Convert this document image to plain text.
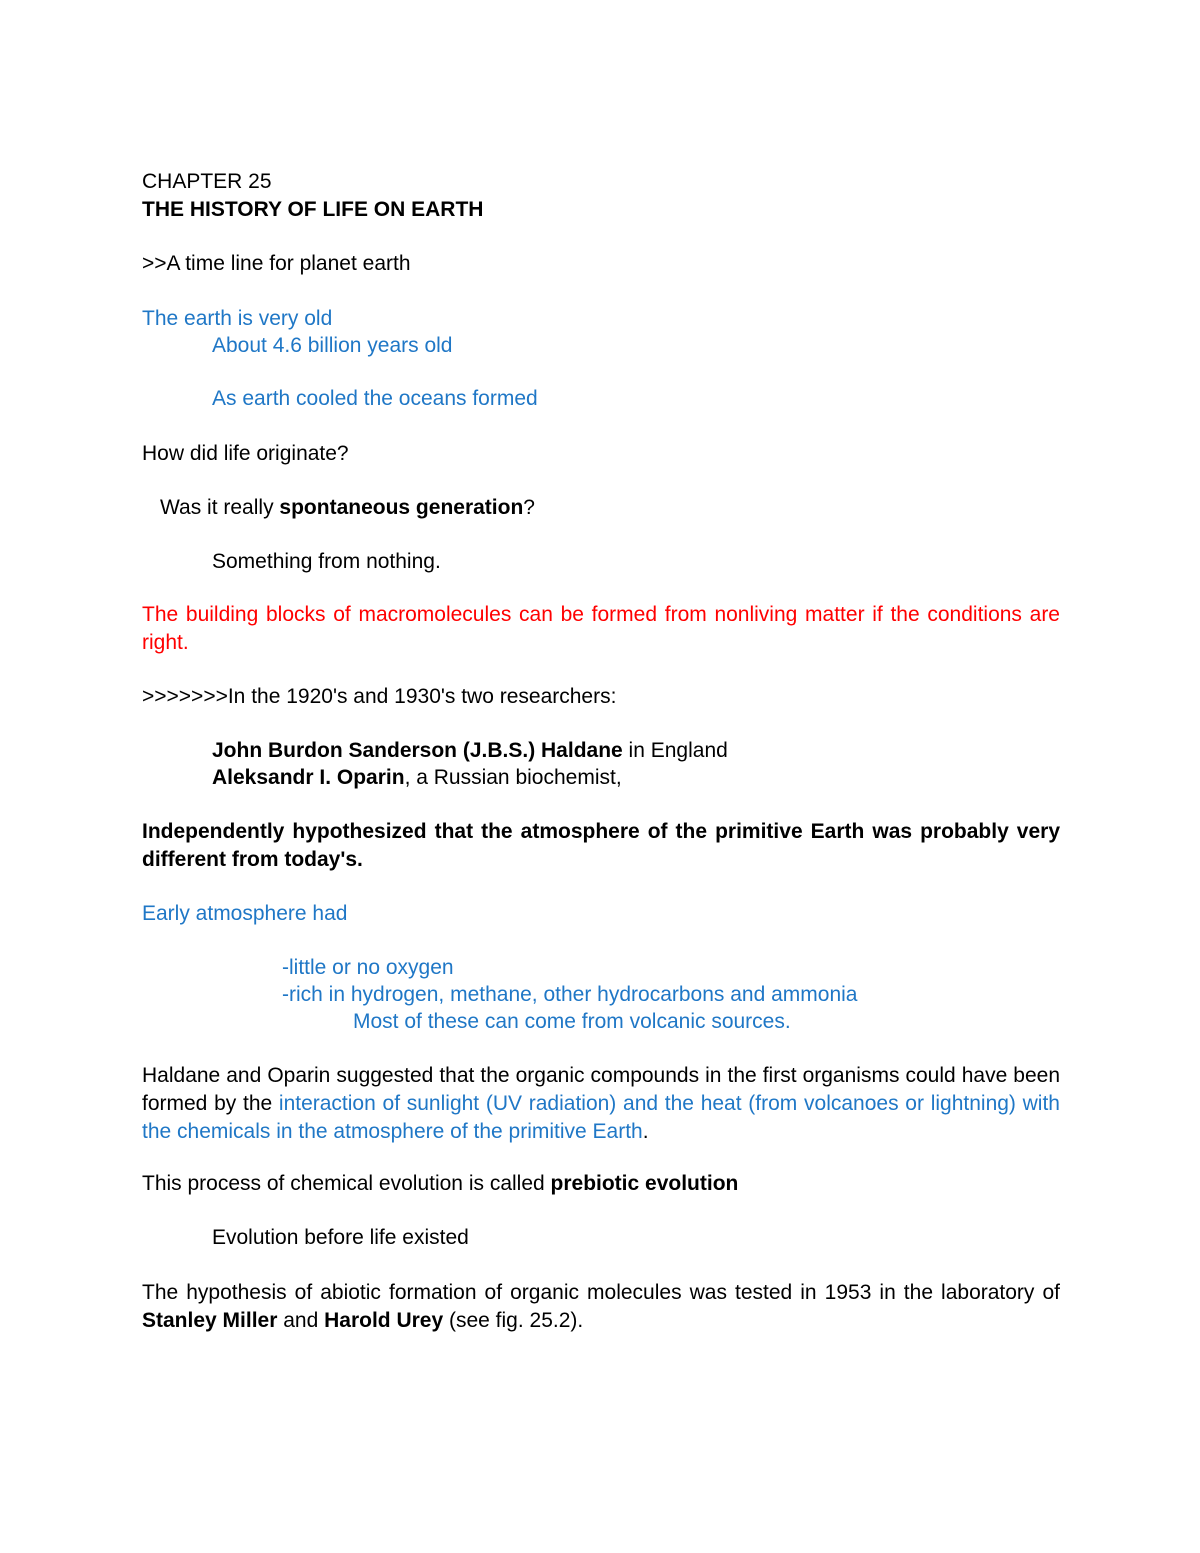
CHAPTER 25

THE HISTORY OF LIFE ON EARTH

>>A time line for planet earth

The earth is very old

About 4.6 billion years old

As earth cooled the oceans formed

How did life originate?

Was it really spontaneous generation?

Something from nothing.

The building blocks of macromolecules can be formed from nonliving matter if the conditions are right.

>>>>>>>In the 1920's and 1930's two researchers:

John Burdon Sanderson (J.B.S.) Haldane in England

Aleksandr I. Oparin, a Russian biochemist,

Independently hypothesized that the atmosphere of the primitive Earth was probably very different from today's.

Early atmosphere had

-little or no oxygen

-rich in hydrogen, methane, other hydrocarbons and ammonia

Most of these can come from volcanic sources.

Haldane and Oparin suggested that the organic compounds in the first organisms could have been formed by the interaction of sunlight (UV radiation) and the heat (from volcanoes or lightning) with the chemicals in the atmosphere of the primitive Earth.

This process of chemical evolution is called prebiotic evolution

Evolution before life existed

The hypothesis of abiotic formation of organic molecules was tested in 1953 in the laboratory of Stanley Miller and Harold Urey (see fig. 25.2).
